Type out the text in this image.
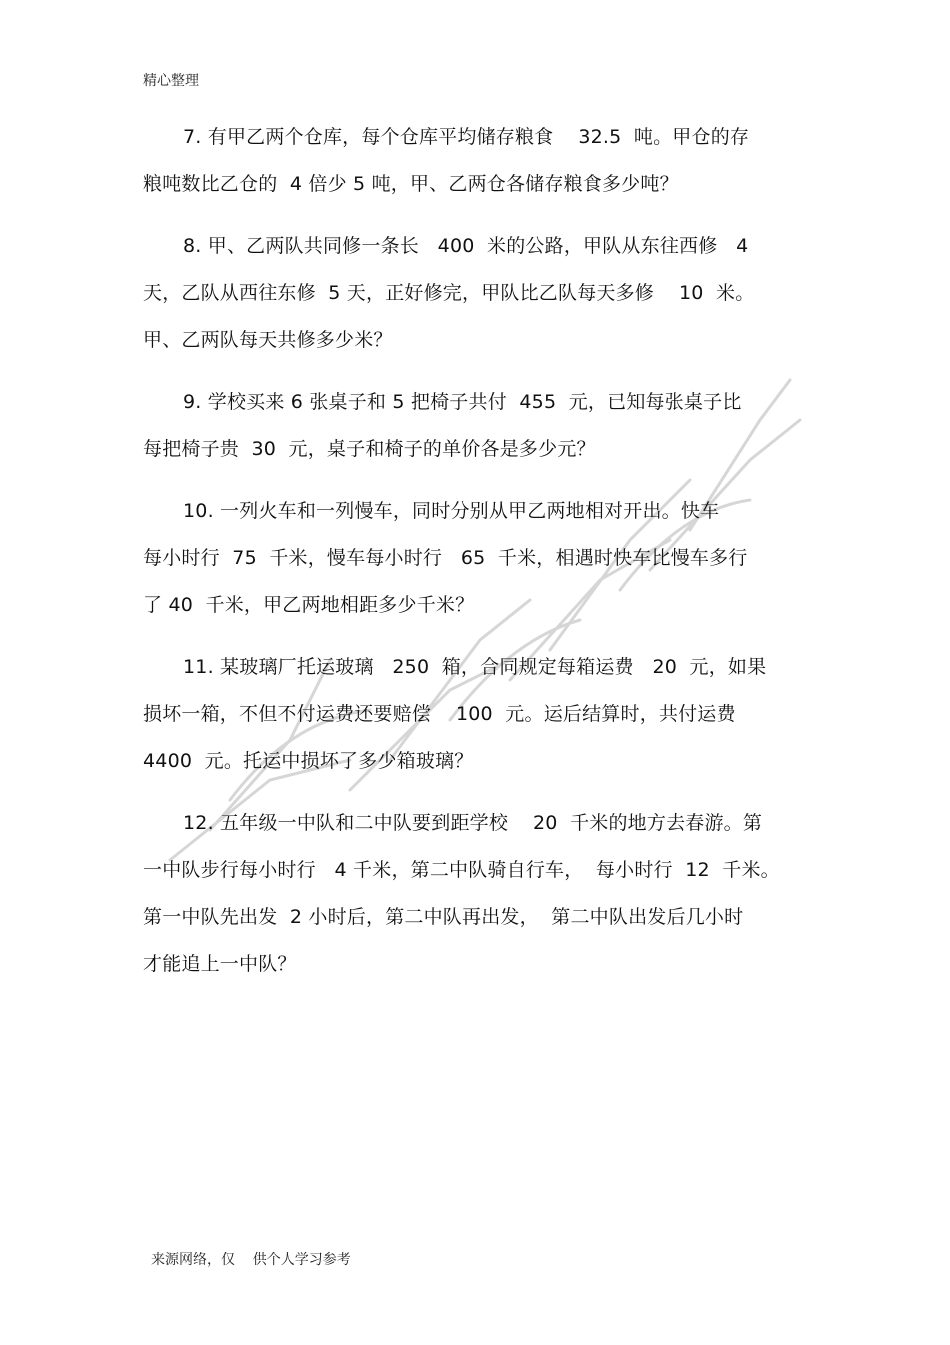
精心整理
7. 有甲乙两个仓库，每个仓库平均储存粮食    32.5  吨。甲仓的存
粮吨数比乙仓的  4 倍少 5 吨，甲、乙两仓各储存粮食多少吨？
8. 甲、乙两队共同修一条长   400  米的公路，甲队从东往西修   4
天，乙队从西往东修  5 天，正好修完，甲队比乙队每天多修    10  米。
甲、乙两队每天共修多少米？
9. 学校买来 6 张桌子和 5 把椅子共付  455  元，已知每张桌子比
每把椅子贵  30  元，桌子和椅子的单价各是多少元？
10. 一列火车和一列慢车，同时分别从甲乙两地相对开出。快车
每小时行  75  千米，慢车每小时行   65  千米，相遇时快车比慢车多行
了 40  千米，甲乙两地相距多少千米？
11. 某玻璃厂托运玻璃   250  箱，合同规定每箱运费   20  元，如果
损坏一箱，不但不付运费还要赔偿    100  元。运后结算时，共付运费
4400  元。托运中损坏了多少箱玻璃？
12. 五年级一中队和二中队要到距学校    20  千米的地方去春游。第
一中队步行每小时行   4 千米，第二中队骑自行车，  每小时行  12  千米。
第一中队先出发  2 小时后，第二中队再出发，  第二中队出发后几小时
才能追上一中队？
来源网络，仅    供个人学习参考
